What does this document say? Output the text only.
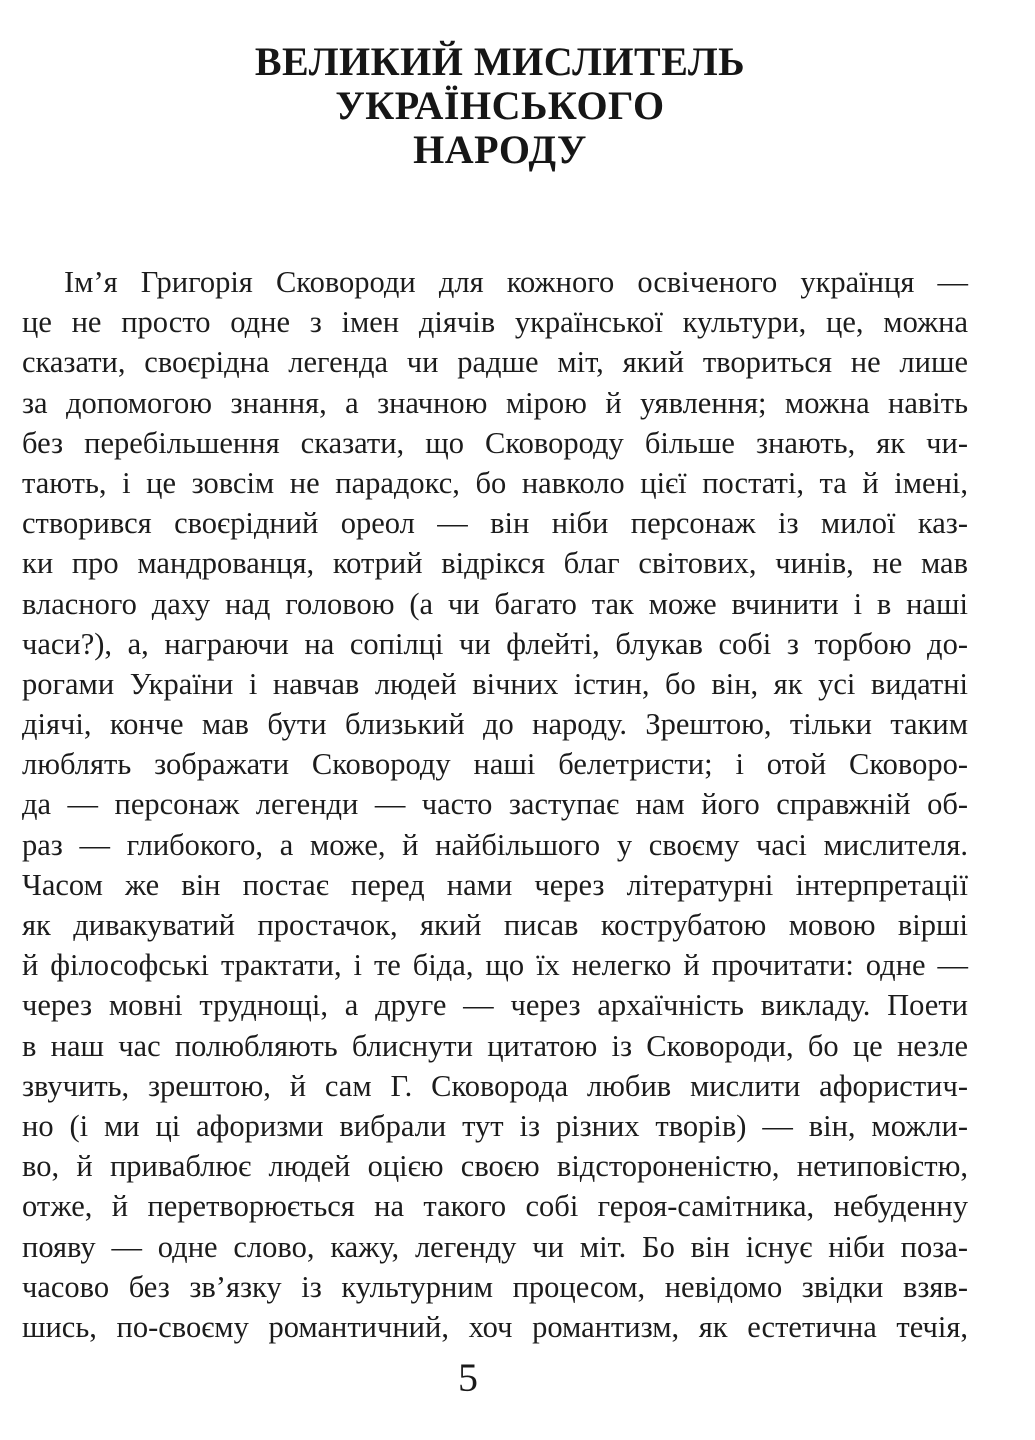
ВЕЛИКИЙ МИСЛИТЕЛЬ
УКРАЇНСЬКОГО
НАРОДУ
Ім’я Григорія Сковороди для кожного освіченого українця —
це не просто одне з імен діячів української культури, це, можна
сказати, своєрідна легенда чи радше міт, який твориться не лише
за допомогою знання, а значною мірою й уявлення; можна навіть
без перебільшення сказати, що Сковороду більше знають, як чи-
тають, і це зовсім не парадокс, бо навколо цієї постаті, та й імені,
створився своєрідний ореол — він ніби персонаж із милої каз-
ки про мандрованця, котрий відрікся благ світових, чинів, не мав
власного даху над головою (а чи багато так може вчинити і в наші
часи?), а, награючи на сопілці чи флейті, блукав собі з торбою до-
рогами України і навчав людей вічних істин, бо він, як усі видатні
діячі, конче мав бути близький до народу. Зрештою, тільки таким
люблять зображати Сковороду наші белетристи; і отой Сковоро-
да — персонаж легенди — часто заступає нам його справжній об-
раз — глибокого, а може, й найбільшого у своєму часі мислителя.
Часом же він постає перед нами через літературні інтерпретації
як дивакуватий простачок, який писав кострубатою мовою вірші
й філософські трактати, і те біда, що їх нелегко й прочитати: одне —
через мовні труднощі, а друге — через архаїчність викладу. Поети
в наш час полюбляють блиснути цитатою із Сковороди, бо це незле
звучить, зрештою, й сам Г. Сковорода любив мислити афористич-
но (і ми ці афоризми вибрали тут із різних творів) — він, можли-
во, й приваблює людей оцією своєю відстороненістю, нетиповістю,
отже, й перетворюється на такого собі героя-самітника, небуденну
появу — одне слово, кажу, легенду чи міт. Бо він існує ніби поза-
часово без зв’язку із культурним процесом, невідомо звідки взяв-
шись, по-своєму романтичний, хоч романтизм, як естетична течія,
5
